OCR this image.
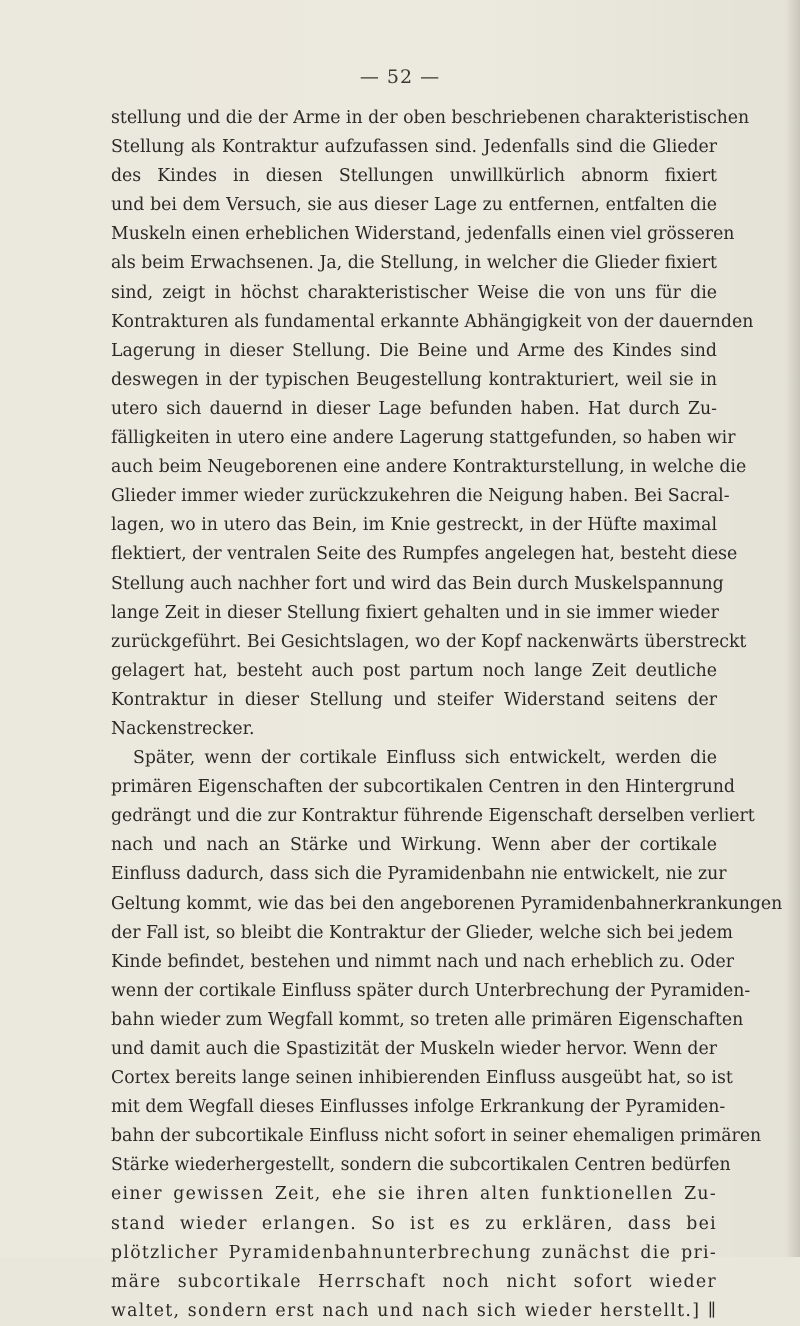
— 52 —
stellung und die der Arme in der oben beschriebenen charakteristischen
Stellung als Kontraktur aufzufassen sind. Jedenfalls sind die Glieder
des Kindes in diesen Stellungen unwillkürlich abnorm fixiert
und bei dem Versuch, sie aus dieser Lage zu entfernen, entfalten die
Muskeln einen erheblichen Widerstand, jedenfalls einen viel grösseren
als beim Erwachsenen. Ja, die Stellung, in welcher die Glieder fixiert
sind, zeigt in höchst charakteristischer Weise die von uns für die
Kontrakturen als fundamental erkannte Abhängigkeit von der dauernden
Lagerung in dieser Stellung. Die Beine und Arme des Kindes sind
deswegen in der typischen Beugestellung kontrakturiert, weil sie in
utero sich dauernd in dieser Lage befunden haben. Hat durch Zu-
fälligkeiten in utero eine andere Lagerung stattgefunden, so haben wir
auch beim Neugeborenen eine andere Kontrakturstellung, in welche die
Glieder immer wieder zurückzukehren die Neigung haben. Bei Sacral-
lagen, wo in utero das Bein, im Knie gestreckt, in der Hüfte maximal
flektiert, der ventralen Seite des Rumpfes angelegen hat, besteht diese
Stellung auch nachher fort und wird das Bein durch Muskelspannung
lange Zeit in dieser Stellung fixiert gehalten und in sie immer wieder
zurückgeführt. Bei Gesichtslagen, wo der Kopf nackenwärts überstreckt
gelagert hat, besteht auch post partum noch lange Zeit deutliche
Kontraktur in dieser Stellung und steifer Widerstand seitens der
Nackenstrecker.
Später, wenn der cortikale Einfluss sich entwickelt, werden die
primären Eigenschaften der subcortikalen Centren in den Hintergrund
gedrängt und die zur Kontraktur führende Eigenschaft derselben verliert
nach und nach an Stärke und Wirkung. Wenn aber der cortikale
Einfluss dadurch, dass sich die Pyramidenbahn nie entwickelt, nie zur
Geltung kommt, wie das bei den angeborenen Pyramidenbahnerkrankungen
der Fall ist, so bleibt die Kontraktur der Glieder, welche sich bei jedem
Kinde befindet, bestehen und nimmt nach und nach erheblich zu. Oder
wenn der cortikale Einfluss später durch Unterbrechung der Pyramiden-
bahn wieder zum Wegfall kommt, so treten alle primären Eigenschaften
und damit auch die Spastizität der Muskeln wieder hervor. Wenn der
Cortex bereits lange seinen inhibierenden Einfluss ausgeübt hat, so ist
mit dem Wegfall dieses Einflusses infolge Erkrankung der Pyramiden-
bahn der subcortikale Einfluss nicht sofort in seiner ehemaligen primären
Stärke wiederhergestellt, sondern die subcortikalen Centren bedürfen
einer gewissen Zeit, ehe sie ihren alten funktionellen Zu-
stand wieder erlangen. So ist es zu erklären, dass bei
plötzlicher Pyramidenbahnunterbrechung zunächst die pri-
märe subcortikale Herrschaft noch nicht sofort wieder
waltet, sondern erst nach und nach sich wieder herstellt.] ∥
